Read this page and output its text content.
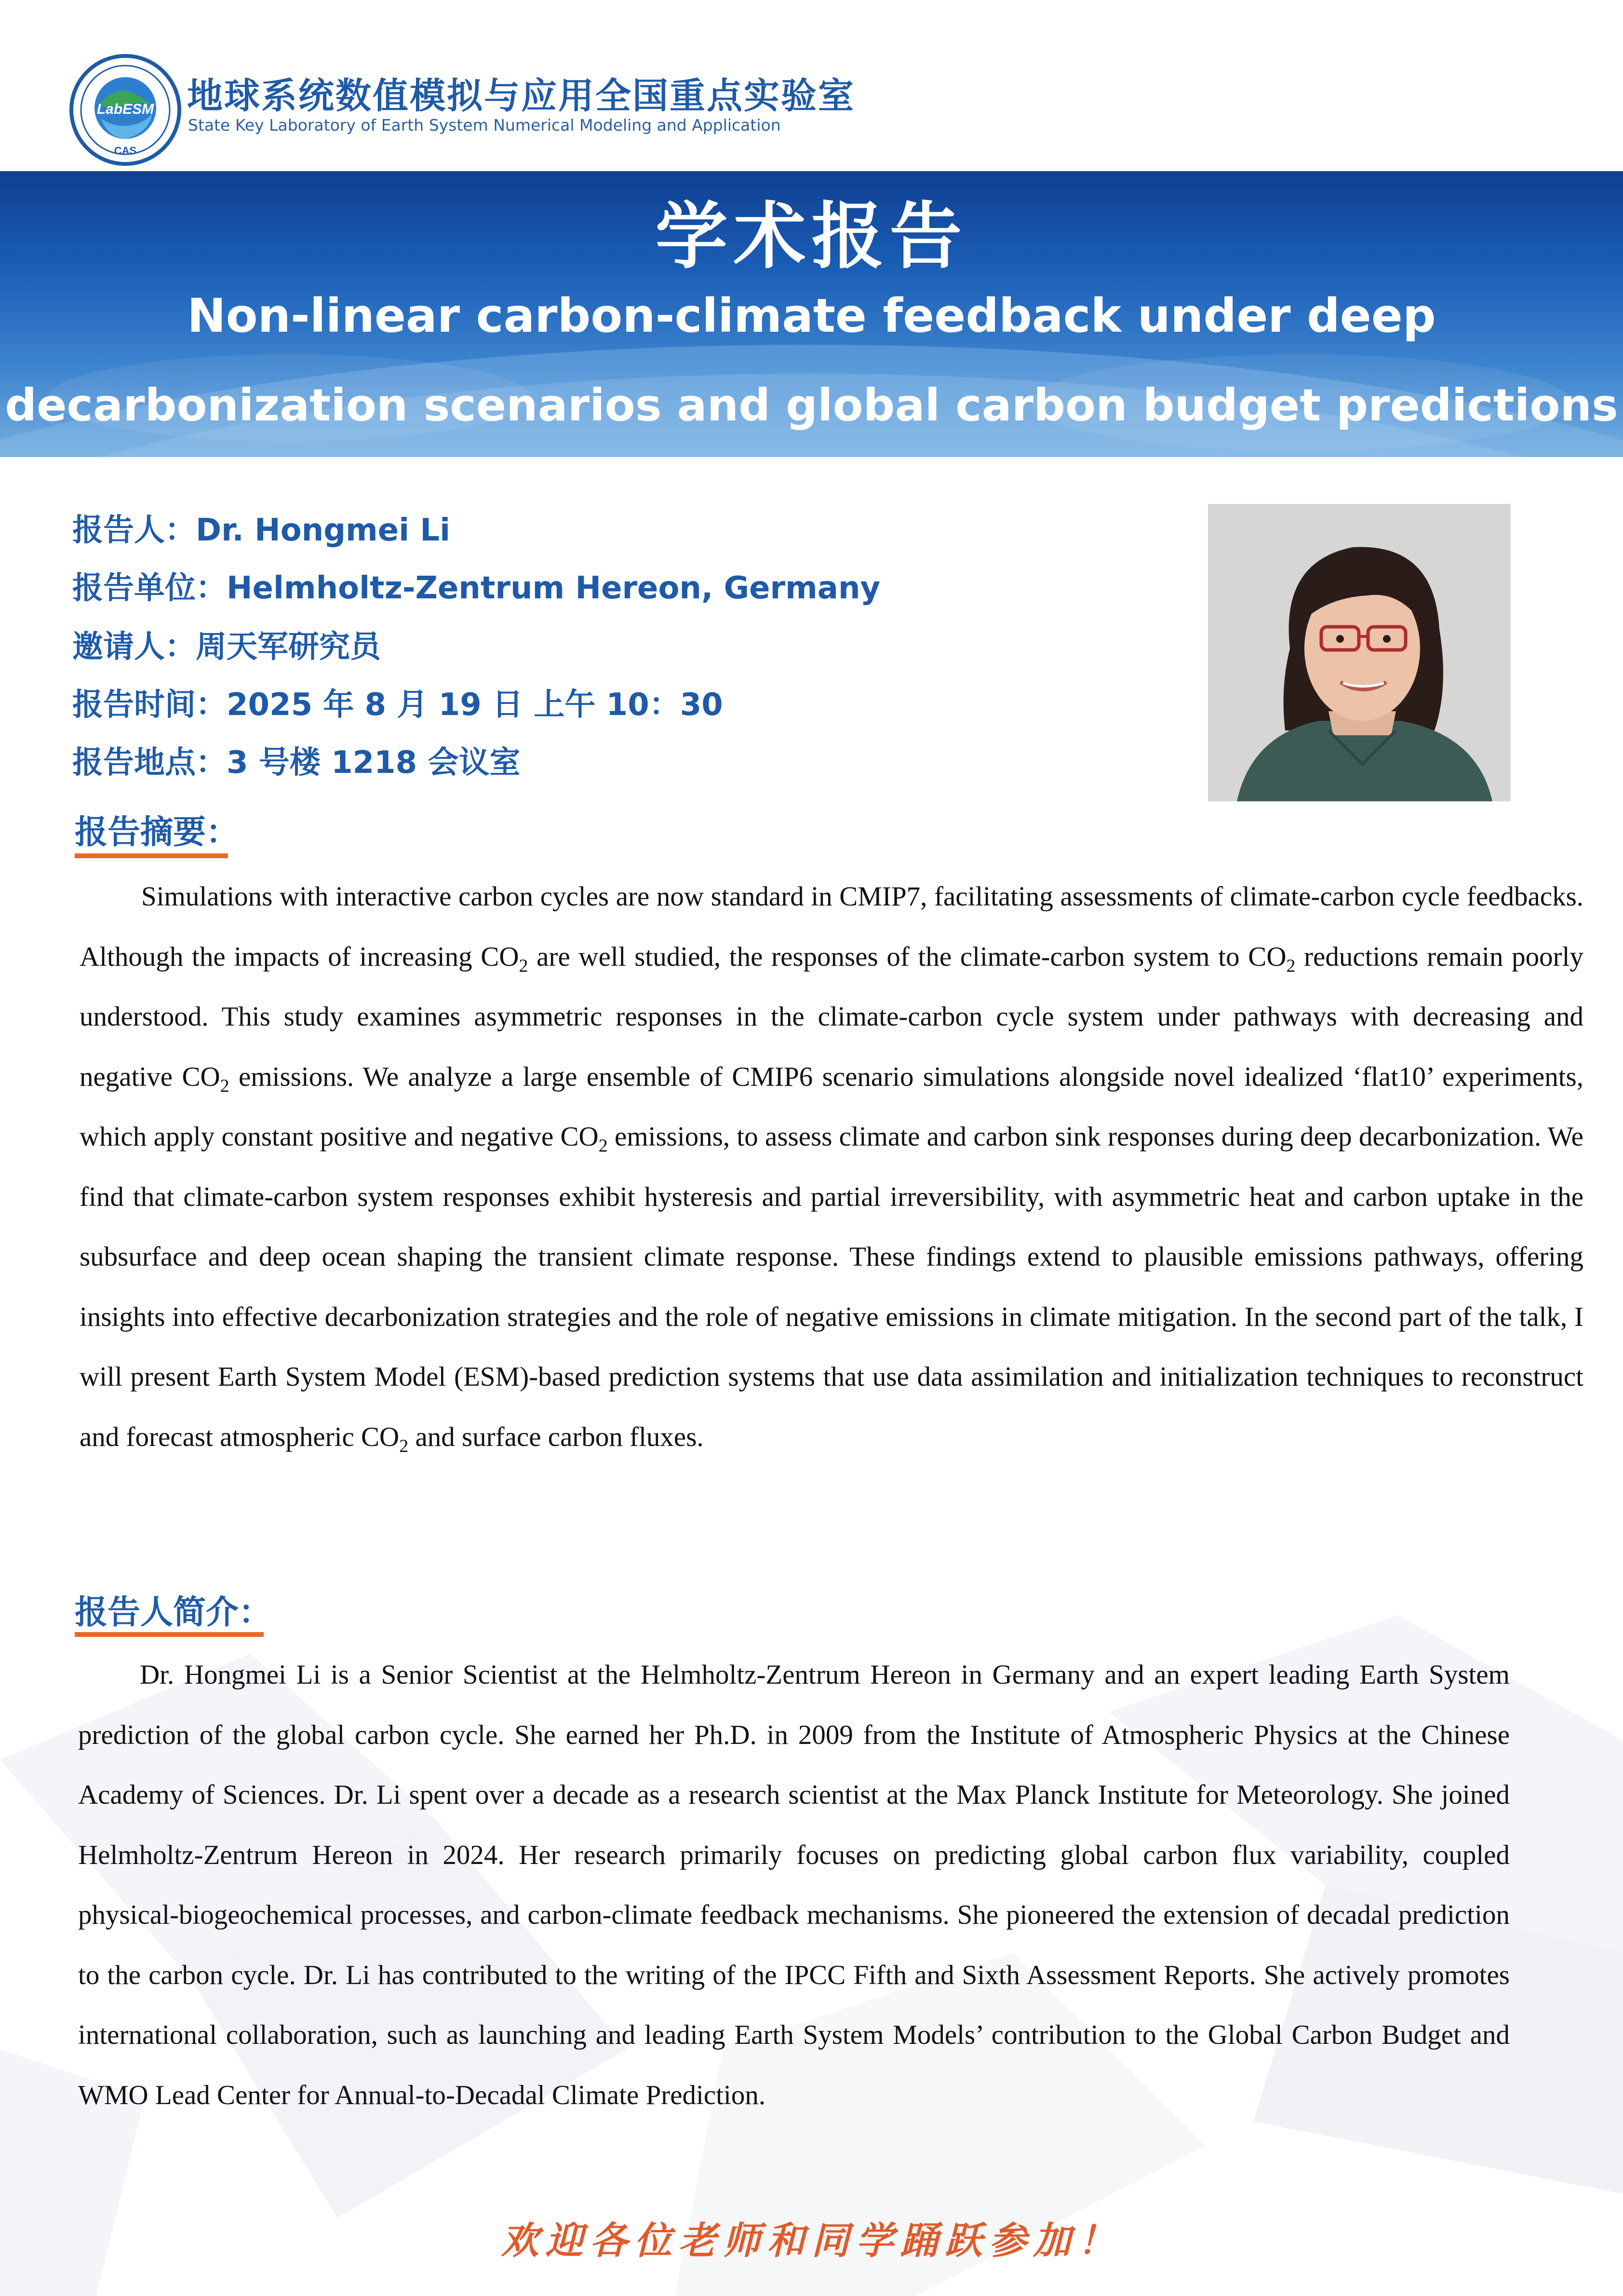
LabESM
CAS
地球系统数值模拟与应用全国重点实验室
State Key Laboratory of Earth System Numerical Modeling and Application
学术报告
Non-linear carbon-climate feedback under deep
decarbonization scenarios and global carbon budget predictions
报告人：Dr. Hongmei Li
报告单位：Helmholtz-Zentrum Hereon, Germany
邀请人：周天军研究员
报告时间：2025 年 8 月 19 日 上午 10：30
报告地点：3 号楼 1218 会议室
报告摘要：

Simulations with interactive carbon cycles are now standard in CMIP7, facilitating assessments of climate-carbon cycle feedbacks. Although the impacts of increasing $CO_2$ are well studied, the responses of the climate-carbon system to $CO_2$ reductions remain poorly understood. This study examines asymmetric responses in the climate-carbon cycle system under pathways with decreasing and negative $CO_2$ emissions. We analyze a large ensemble of CMIP6 scenario simulations alongside novel idealized ‘flat10’ experiments, which apply constant positive and negative $CO_2$ emissions, to assess climate and carbon sink responses during deep decarbonization. We find that climate-carbon system responses exhibit hysteresis and partial irreversibility, with asymmetric heat and carbon uptake in the subsurface and deep ocean shaping the transient climate response. These findings extend to plausible emissions pathways, offering insights into effective decarbonization strategies and the role of negative emissions in climate mitigation. In the second part of the talk, I will present Earth System Model (ESM)-based prediction systems that use data assimilation and initialization techniques to reconstruct and forecast atmospheric $CO_2$ and surface carbon fluxes.

报告人简介：

Dr. Hongmei Li is a Senior Scientist at the Helmholtz-Zentrum Hereon in Germany and an expert leading Earth System prediction of the global carbon cycle. She earned her Ph.D. in 2009 from the Institute of Atmospheric Physics at the Chinese Academy of Sciences. Dr. Li spent over a decade as a research scientist at the Max Planck Institute for Meteorology. She joined Helmholtz-Zentrum Hereon in 2024. Her research primarily focuses on predicting global carbon flux variability, coupled physical-biogeochemical processes, and carbon-climate feedback mechanisms. She pioneered the extension of decadal prediction to the carbon cycle. Dr. Li has contributed to the writing of the IPCC Fifth and Sixth Assessment Reports. She actively promotes international collaboration, such as launching and leading Earth System Models’ contribution to the Global Carbon Budget and WMO Lead Center for Annual-to-Decadal Climate Prediction.

欢迎各位老师和同学踊跃参加！
